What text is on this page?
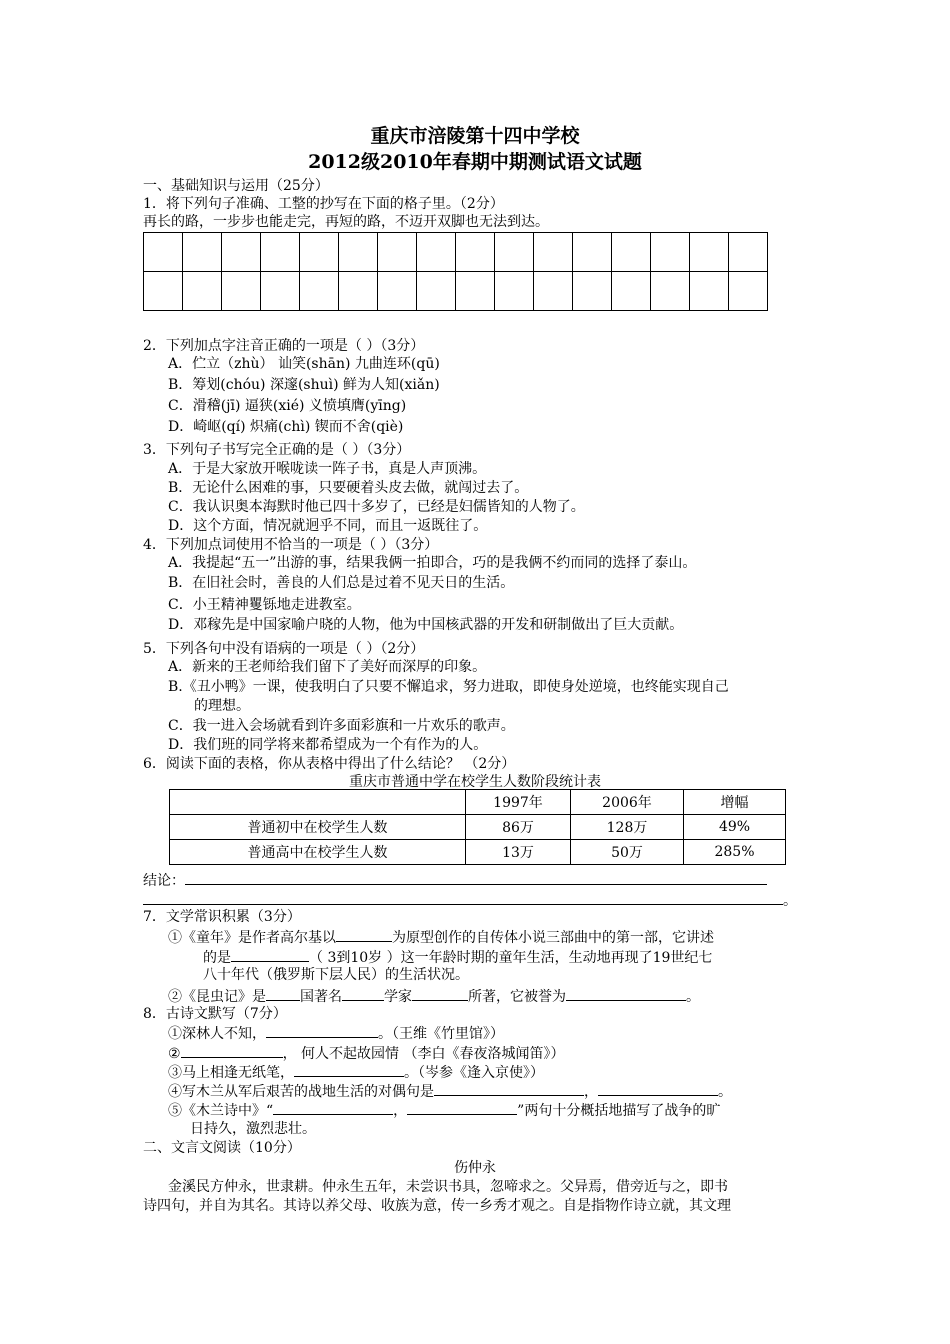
重庆市涪陵第十四中学校
2012级2010年春期中期测试语文试题
一、基础知识与运用（25分）
1．将下列句子准确、工整的抄写在下面的格子里。（2分）
再长的路，一步步也能走完，再短的路，不迈开双脚也无法到达。

2．下列加点字注音正确的一项是（ ）（3分）
A．伫立（zhù） 讪笑(shān) 九曲连环(qū)
B．筹划(chóu) 深邃(shuì) 鲜为人知(xiǎn)
C．滑稽(jī) 逼狭(xié) 义愤填膺(yīng)
D．崎岖(qí) 炽痛(chì) 锲而不舍(qiè)
3．下列句子书写完全正确的是（ ）（3分）
A．于是大家放开喉咙读一阵子书，真是人声顶沸。
B．无论什么困难的事，只要硬着头皮去做，就闯过去了。
C．我认识奥本海默时他已四十多岁了，已经是妇儒皆知的人物了。
D．这个方面，情况就迥乎不同，而且一返既往了。
4．下列加点词使用不恰当的一项是（ ）（3分）
A．我提起“五一”出游的事，结果我俩一拍即合，巧的是我俩不约而同的选择了泰山。
B．在旧社会时，善良的人们总是过着不见天日的生活。
C．小王精神矍铄地走进教室。
D．邓稼先是中国家喻户晓的人物，他为中国核武器的开发和研制做出了巨大贡献。
5．下列各句中没有语病的一项是（ ）（2分）
A．新来的王老师给我们留下了美好而深厚的印象。
B.《丑小鸭》一课，使我明白了只要不懈追求，努力进取，即使身处逆境，也终能实现自己
的理想。
C．我一进入会场就看到许多面彩旗和一片欢乐的歌声。
D．我们班的同学将来都希望成为一个有作为的人。
6．阅读下面的表格，你从表格中得出了什么结论？ （2分）
重庆市普通中学在校学生人数阶段统计表
	1997年	2006年	增幅
普通初中在校学生人数	86万	128万	49%
普通高中在校学生人数	13万	50万	285%
结论：
。
7．文学常识积累（3分）
①《童年》是作者高尔基以	为原型创作的自传体小说三部曲中的第一部，它讲述
的是	（ 3到10岁 ）这一年龄时期的童年生活，生动地再现了19世纪七
八十年代（俄罗斯下层人民）的生活状况。
②《昆虫记》是 国著名	学家	所著，它被誉为	。
8．古诗文默写（7分）
①深林人不知，	。（王维《竹里馆》）
②	， 何人不起故园情 （李白《春夜洛城闻笛》）
③马上相逢无纸笔，	。（岑参《逢入京使》）
④写木兰从军后艰苦的战地生活的对偶句是	，	。
⑤《木兰诗中》“	，	”两句十分概括地描写了战争的旷
日持久，激烈悲壮。
二、文言文阅读（10分）
伤仲永
金溪民方仲永，世隶耕。仲永生五年，未尝识书具，忽啼求之。父异焉，借旁近与之，即书
诗四句，并自为其名。其诗以养父母、收族为意，传一乡秀才观之。自是指物作诗立就，其文理
